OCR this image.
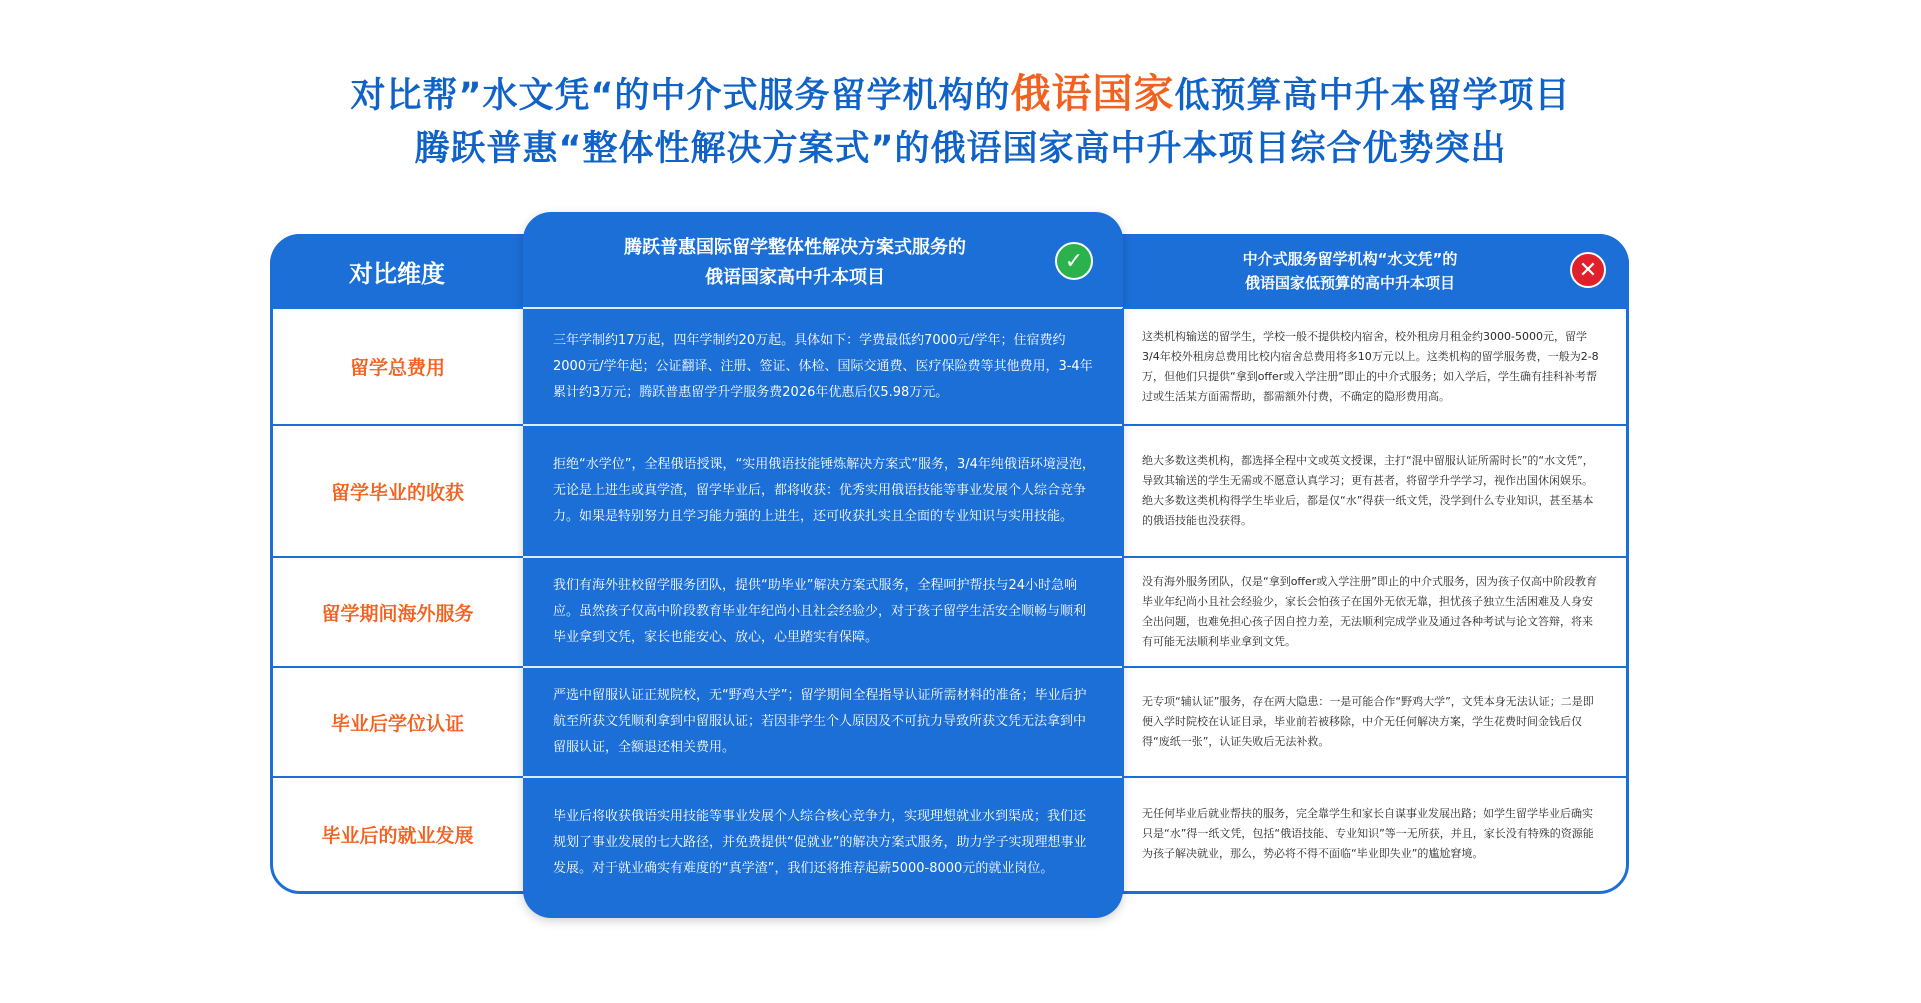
对比帮”水文凭“的中介式服务留学机构的俄语国家低预算高中升本留学项目
腾跃普惠“整体性解决方案式”的俄语国家高中升本项目综合优势突出
对比维度
中介式服务留学机构“水文凭”的
俄语国家低预算的高中升本项目
✕
腾跃普惠国际留学整体性解决方案式服务的
俄语国家高中升本项目
✓
留学总费用
三年学制约17万起，四年学制约20万起。具体如下：学费最低约7000元/学年；住宿费约2000元/学年起；公证翻译、注册、签证、体检、国际交通费、医疗保险费等其他费用，3-4年累计约3万元；腾跃普惠留学升学服务费2026年优惠后仅5.98万元。
这类机构输送的留学生，学校一般不提供校内宿舍，校外租房月租金约3000-5000元，留学3/4年校外租房总费用比校内宿舍总费用将多10万元以上。这类机构的留学服务费，一般为2-8万，但他们只提供“拿到offer或入学注册”即止的中介式服务；如入学后，学生确有挂科补考帮过或生活某方面需帮助，都需额外付费，不确定的隐形费用高。
留学毕业的收获
拒绝“水学位”，全程俄语授课，“实用俄语技能锤炼解决方案式”服务，3/4年纯俄语环境浸泡，无论是上进生或真学渣，留学毕业后，都将收获：优秀实用俄语技能等事业发展个人综合竞争力。如果是特别努力且学习能力强的上进生，还可收获扎实且全面的专业知识与实用技能。
绝大多数这类机构，都选择全程中文或英文授课，主打“混中留服认证所需时长”的“水文凭”，导致其输送的学生无需或不愿意认真学习；更有甚者，将留学升学学习，视作出国休闲娱乐。绝大多数这类机构得学生毕业后，都是仅“水”得获一纸文凭，没学到什么专业知识，甚至基本的俄语技能也没获得。
留学期间海外服务
我们有海外驻校留学服务团队，提供“助毕业”解决方案式服务，全程呵护帮扶与24小时急响应。虽然孩子仅高中阶段教育毕业年纪尚小且社会经验少，对于孩子留学生活安全顺畅与顺利毕业拿到文凭，家长也能安心、放心，心里踏实有保障。
没有海外服务团队，仅是“拿到offer或入学注册”即止的中介式服务，因为孩子仅高中阶段教育毕业年纪尚小且社会经验少，家长会怕孩子在国外无依无靠，担忧孩子独立生活困难及人身安全出问题，也难免担心孩子因自控力差，无法顺利完成学业及通过各种考试与论文答辩，将来有可能无法顺利毕业拿到文凭。
毕业后学位认证
严选中留服认证正规院校，无“野鸡大学”；留学期间全程指导认证所需材料的准备；毕业后护航至所获文凭顺利拿到中留服认证；若因非学生个人原因及不可抗力导致所获文凭无法拿到中留服认证，全额退还相关费用。
无专项“辅认证”服务，存在两大隐患：一是可能合作“野鸡大学”，文凭本身无法认证；二是即便入学时院校在认证目录，毕业前若被移除，中介无任何解决方案，学生花费时间金钱后仅得“废纸一张”，认证失败后无法补救。
毕业后的就业发展
毕业后将收获俄语实用技能等事业发展个人综合核心竞争力，实现理想就业水到渠成；我们还规划了事业发展的七大路径，并免费提供“促就业”的解决方案式服务，助力学子实现理想事业发展。对于就业确实有难度的“真学渣”，我们还将推荐起薪5000-8000元的就业岗位。
无任何毕业后就业帮扶的服务，完全靠学生和家长自谋事业发展出路；如学生留学毕业后确实只是“水”得一纸文凭，包括“俄语技能、专业知识”等一无所获，并且，家长没有特殊的资源能为孩子解决就业，那么，势必将不得不面临“毕业即失业”的尴尬窘境。
